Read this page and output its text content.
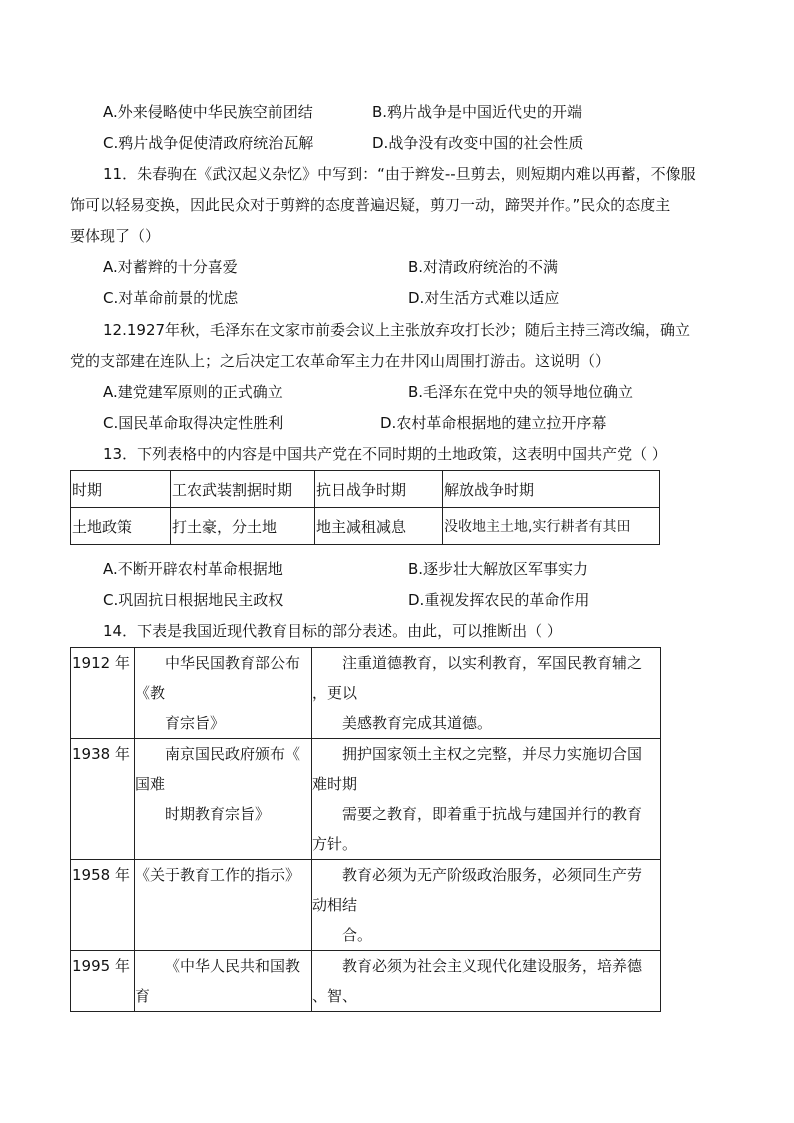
A.外来侵略使中华民族空前团结	B.鸦片战争是中国近代史的开端
C.鸦片战争促使清政府统治瓦解	D.战争没有改变中国的社会性质
11．朱春驹在《武汉起义杂忆》中写到：“由于辫发--旦剪去，则短期内难以再蓄，不像服
饰可以轻易变换，因此民众对于剪辫的态度普遍迟疑，剪刀一动，蹄哭并作。”民众的态度主
要体现了（）
A.对蓄辫的十分喜爱	B.对清政府统治的不满
C.对革命前景的忧虑	D.对生活方式难以适应
12.1927年秋，毛泽东在文家市前委会议上主张放弃攻打长沙；随后主持三湾改编，确立
党的支部建在连队上；之后决定工农革命军主力在井冈山周围打游击。这说明（）
A.建党建军原则的正式确立	B.毛泽东在党中央的领导地位确立
C.国民革命取得决定性胜利	D.农村革命根据地的建立拉开序幕
13．下列表格中的内容是中国共产党在不同时期的土地政策，这表明中国共产党（ ）
时期	工农武装割据时期	抗日战争时期	解放战争时期
土地政策	打土豪，分土地	地主减租减息	没收地主土地,实行耕者有其田
A.不断开辟农村革命根据地	B.逐步壮大解放区军事实力
C.巩固抗日根据地民主政权	D.重视发挥农民的革命作用
14．下表是我国近现代教育目标的部分表述。由此，可以推断出（ ）
1912 年	中华民国教育部公布
《教
育宗旨》	注重道德教育，以实利教育，军国民教育辅之
，更以
美感教育完成其道德。

1938 年	南京国民政府颁布《
国难
时期教育宗旨》	拥护国家领土主权之完整，并尽力实施切合国
难时期
需要之教育，即着重于抗战与建国并行的教育
方针。

1958 年	《关于教育工作的指示》	教育必须为无产阶级政治服务，必须同生产劳
动相结
合。

1995 年	《中华人民共和国教
育	教育必须为社会主义现代化建设服务，培养德
、智、
